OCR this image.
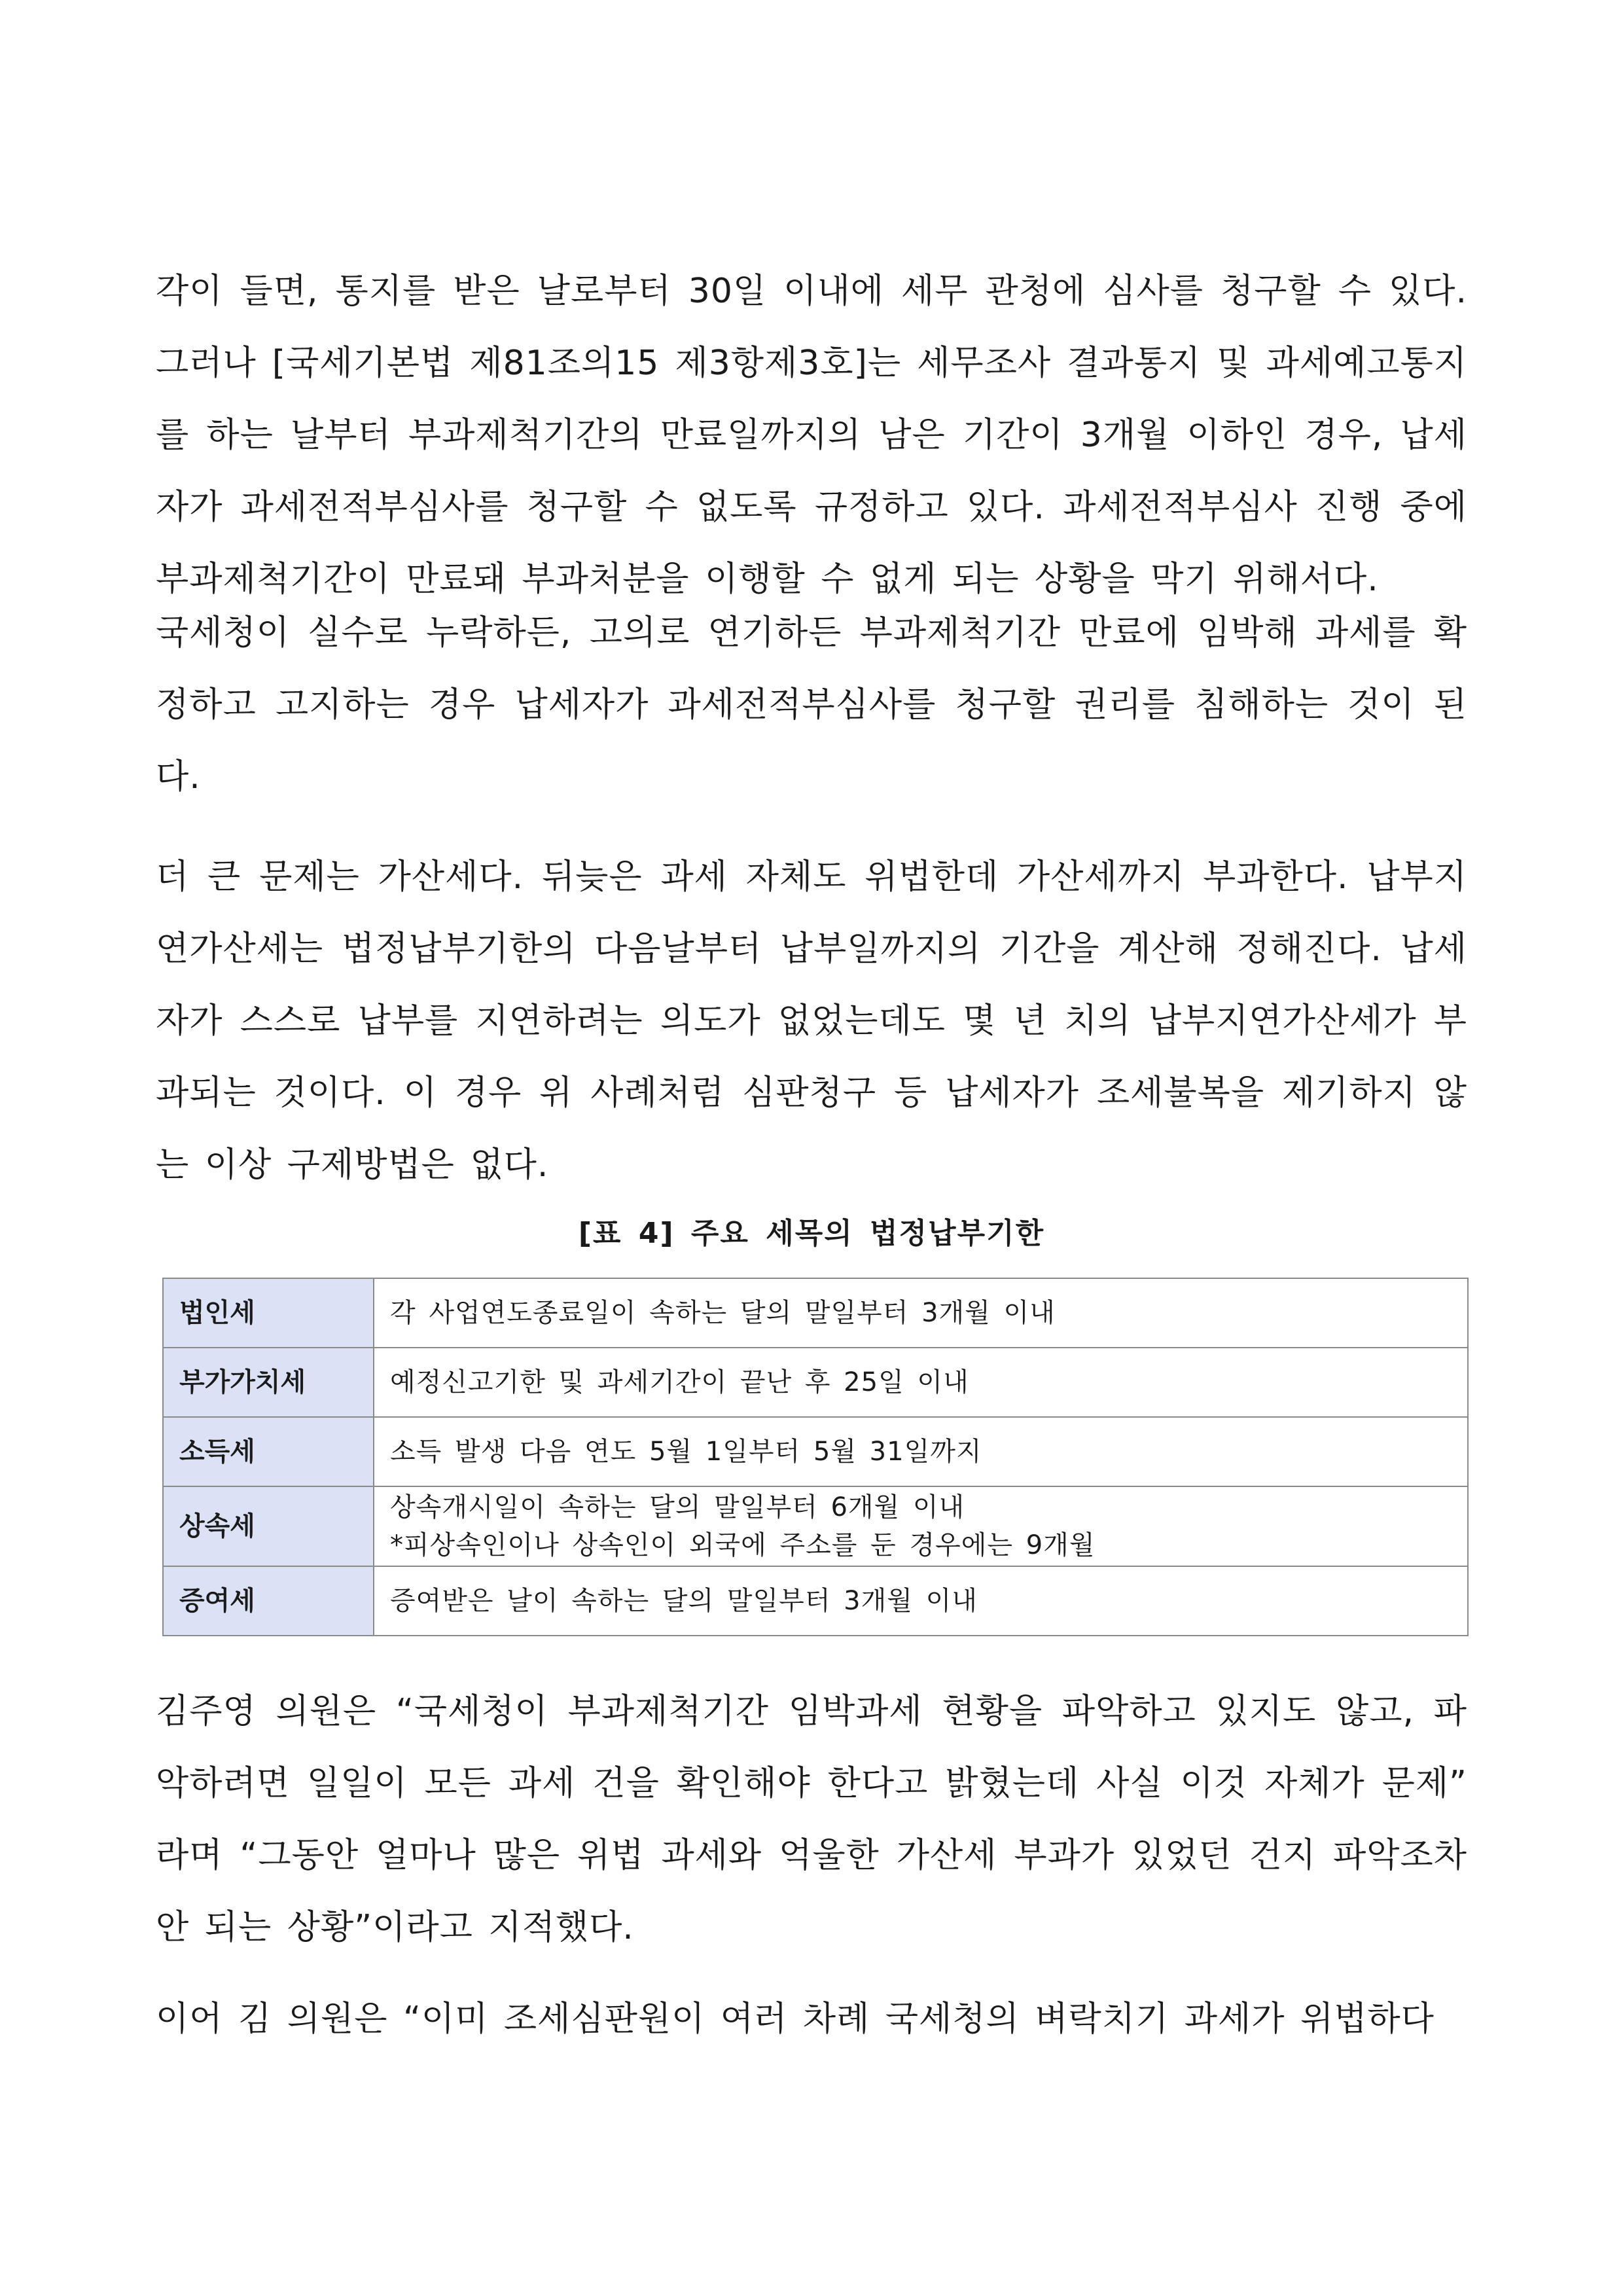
각이 들면, 통지를 받은 날로부터 30일 이내에 세무 관청에 심사를 청구할 수 있다.
그러나 [국세기본법 제81조의15 제3항제3호]는 세무조사 결과통지 및 과세예고통지
를 하는 날부터 부과제척기간의 만료일까지의 남은 기간이 3개월 이하인 경우, 납세
자가 과세전적부심사를 청구할 수 없도록 규정하고 있다. 과세전적부심사 진행 중에
부과제척기간이 만료돼 부과처분을 이행할 수 없게 되는 상황을 막기 위해서다.
국세청이 실수로 누락하든, 고의로 연기하든 부과제척기간 만료에 임박해 과세를 확
정하고 고지하는 경우 납세자가 과세전적부심사를 청구할 권리를 침해하는 것이 된
다.
더 큰 문제는 가산세다. 뒤늦은 과세 자체도 위법한데 가산세까지 부과한다. 납부지
연가산세는 법정납부기한의 다음날부터 납부일까지의 기간을 계산해 정해진다. 납세
자가 스스로 납부를 지연하려는 의도가 없었는데도 몇 년 치의 납부지연가산세가 부
과되는 것이다. 이 경우 위 사례처럼 심판청구 등 납세자가 조세불복을 제기하지 않
는 이상 구제방법은 없다.
[표 4] 주요 세목의 법정납부기한
법인세	각 사업연도종료일이 속하는 달의 말일부터 3개월 이내

부가가치세	예정신고기한 및 과세기간이 끝난 후 25일 이내

소득세	소득 발생 다음 연도 5월 1일부터 5월 31일까지

상속세	상속개시일이 속하는 달의 말일부터 6개월 이내
*피상속인이나 상속인이 외국에 주소를 둔 경우에는 9개월

증여세	증여받은 날이 속하는 달의 말일부터 3개월 이내
김주영 의원은 “국세청이 부과제척기간 임박과세 현황을 파악하고 있지도 않고, 파
악하려면 일일이 모든 과세 건을 확인해야 한다고 밝혔는데 사실 이것 자체가 문제”
라며 “그동안 얼마나 많은 위법 과세와 억울한 가산세 부과가 있었던 건지 파악조차
안 되는 상황”이라고 지적했다.
이어 김 의원은 “이미 조세심판원이 여러 차례 국세청의 벼락치기 과세가 위법하다
